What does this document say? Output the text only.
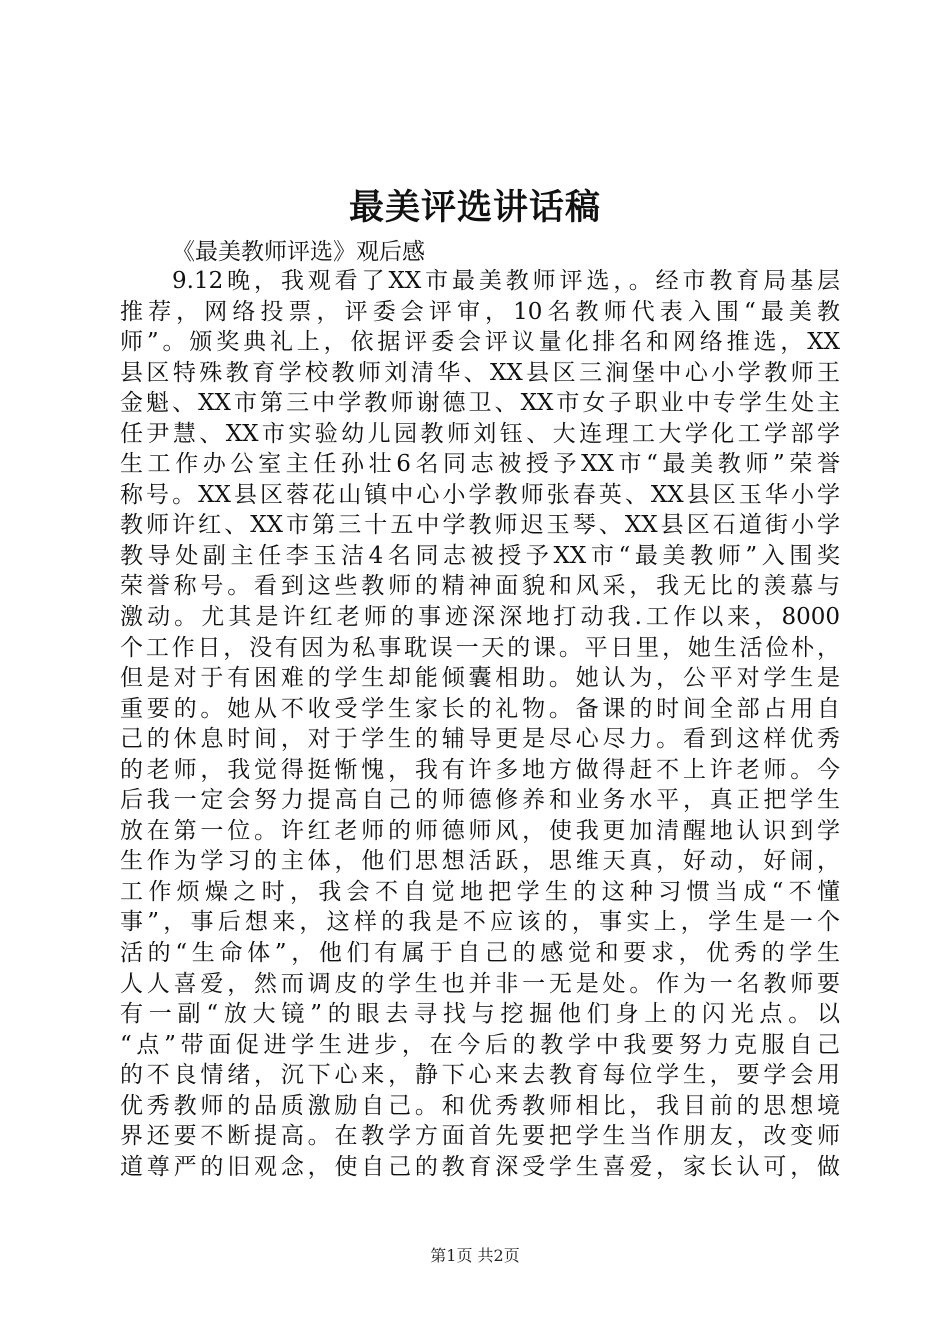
最美评选讲话稿
《最美教师评选》观后感
9.12晚，我观看了XX市最美教师评选，。经市教育局基层
推荐，网络投票，评委会评审，10名教师代表入围“最美教
师”。颁奖典礼上，依据评委会评议量化排名和网络推选，XX
县区特殊教育学校教师刘清华、XX县区三涧堡中心小学教师王
金魁、XX市第三中学教师谢德卫、XX市女子职业中专学生处主
任尹慧、XX市实验幼儿园教师刘钰、大连理工大学化工学部学
生工作办公室主任孙壮6名同志被授予XX市“最美教师”荣誉
称号。XX县区蓉花山镇中心小学教师张春英、XX县区玉华小学
教师许红、XX市第三十五中学教师迟玉琴、XX县区石道街小学
教导处副主任李玉洁4名同志被授予XX市“最美教师”入围奖
荣誉称号。看到这些教师的精神面貌和风采，我无比的羡慕与
激动。尤其是许红老师的事迹深深地打动我.工作以来，8000
个工作日，没有因为私事耽误一天的课。平日里，她生活俭朴，
但是对于有困难的学生却能倾囊相助。她认为，公平对学生是
重要的。她从不收受学生家长的礼物。备课的时间全部占用自
己的休息时间，对于学生的辅导更是尽心尽力。看到这样优秀
的老师，我觉得挺惭愧，我有许多地方做得赶不上许老师。今
后我一定会努力提高自己的师德修养和业务水平，真正把学生
放在第一位。许红老师的师德师风，使我更加清醒地认识到学
生作为学习的主体，他们思想活跃，思维天真，好动，好闹，
工作烦燥之时，我会不自觉地把学生的这种习惯当成“不懂
事”，事后想来，这样的我是不应该的，事实上，学生是一个
活的“生命体”，他们有属于自己的感觉和要求，优秀的学生
人人喜爱，然而调皮的学生也并非一无是处。作为一名教师要
有一副“放大镜”的眼去寻找与挖掘他们身上的闪光点。以
“点”带面促进学生进步，在今后的教学中我要努力克服自己
的不良情绪，沉下心来，静下心来去教育每位学生，要学会用
优秀教师的品质激励自己。和优秀教师相比，我目前的思想境
界还要不断提高。在教学方面首先要把学生当作朋友，改变师
道尊严的旧观念，使自己的教育深受学生喜爱，家长认可，做
第1页 共2页
